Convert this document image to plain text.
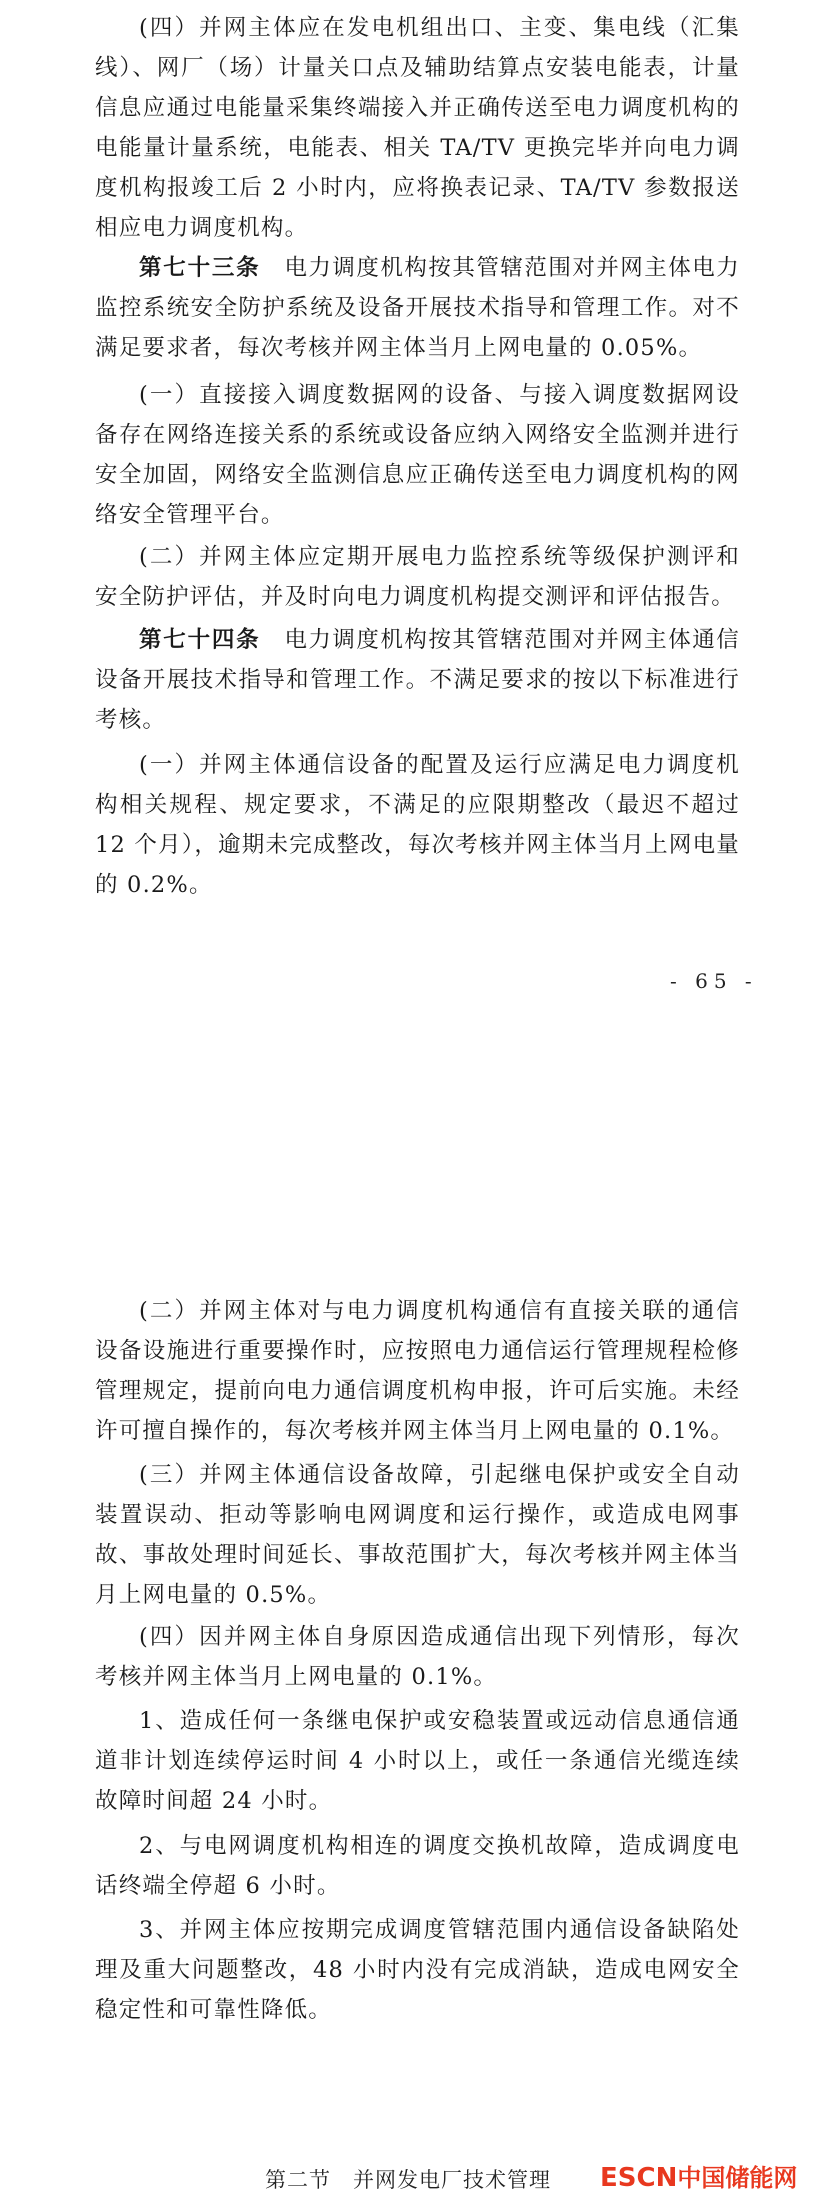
(四）并网主体应在发电机组出口、主变、集电线（汇集线）、网厂（场）计量关口点及辅助结算点安装电能表，计量信息应通过电能量采集终端接入并正确传送至电力调度机构的电能量计量系统，电能表、相关 TA/TV 更换完毕并向电力调度机构报竣工后 2 小时内，应将换表记录、TA/TV 参数报送相应电力调度机构。

第七十三条　电力调度机构按其管辖范围对并网主体电力监控系统安全防护系统及设备开展技术指导和管理工作。对不满足要求者，每次考核并网主体当月上网电量的 0.05%。

(一）直接接入调度数据网的设备、与接入调度数据网设备存在网络连接关系的系统或设备应纳入网络安全监测并进行安全加固，网络安全监测信息应正确传送至电力调度机构的网络安全管理平台。

(二）并网主体应定期开展电力监控系统等级保护测评和安全防护评估，并及时向电力调度机构提交测评和评估报告。

第七十四条　电力调度机构按其管辖范围对并网主体通信设备开展技术指导和管理工作。不满足要求的按以下标准进行考核。

(一）并网主体通信设备的配置及运行应满足电力调度机构相关规程、规定要求，不满足的应限期整改（最迟不超过 12 个月），逾期未完成整改，每次考核并网主体当月上网电量的 0.2%。

- 65 -

(二）并网主体对与电力调度机构通信有直接关联的通信设备设施进行重要操作时，应按照电力通信运行管理规程检修管理规定，提前向电力通信调度机构申报，许可后实施。未经许可擅自操作的，每次考核并网主体当月上网电量的 0.1%。

(三）并网主体通信设备故障，引起继电保护或安全自动装置误动、拒动等影响电网调度和运行操作，或造成电网事故、事故处理时间延长、事故范围扩大，每次考核并网主体当月上网电量的 0.5%。

(四）因并网主体自身原因造成通信出现下列情形，每次考核并网主体当月上网电量的 0.1%。

1、造成任何一条继电保护或安稳装置或远动信息通信通道非计划连续停运时间 4 小时以上，或任一条通信光缆连续故障时间超 24 小时。

2、与电网调度机构相连的调度交换机故障，造成调度电话终端全停超 6 小时。

3、并网主体应按期完成调度管辖范围内通信设备缺陷处理及重大问题整改，48 小时内没有完成消缺，造成电网安全稳定性和可靠性降低。

第二节　并网发电厂技术管理 ESCN中国储能网
